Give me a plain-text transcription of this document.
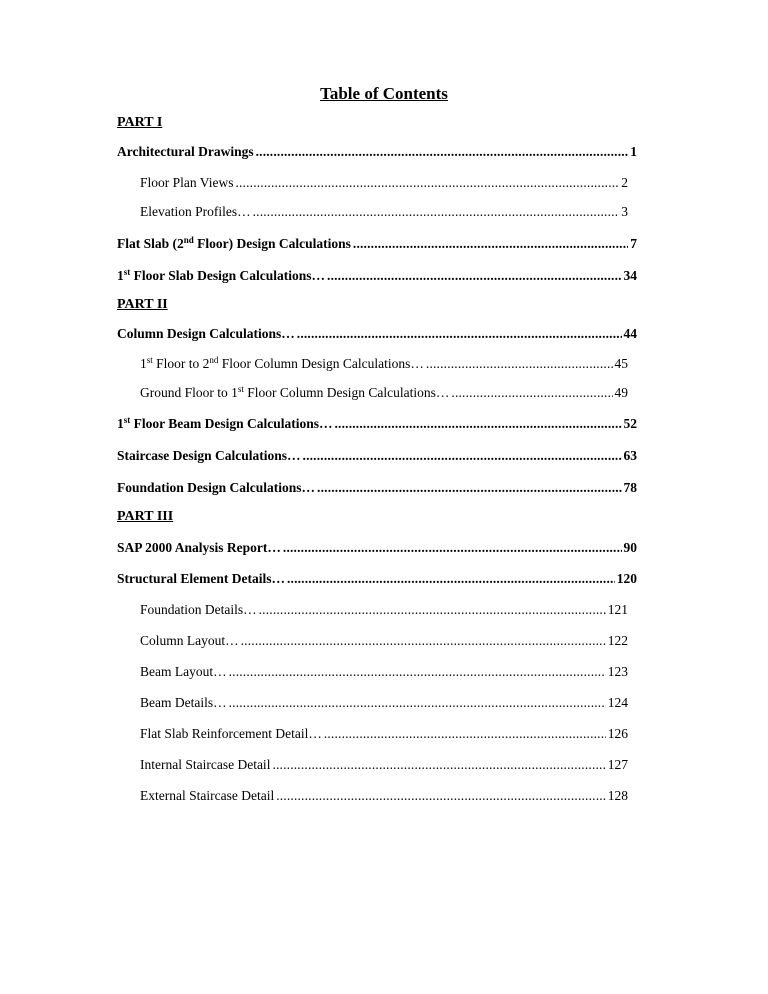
Table of Contents
PART I
Architectural Drawings . . .	1
Floor Plan Views . . .	2
Elevation Profiles… . . .	3
Flat Slab (2nd Floor) Design Calculations . . .	7
1st Floor Slab Design Calculations… . . .	34
PART II
Column Design Calculations… . . .	44
1st Floor to 2nd Floor Column Design Calculations… . . .	45
Ground Floor to 1st Floor Column Design Calculations… . . .	49
1st Floor Beam Design Calculations… . . .	52
Staircase Design Calculations… . . .	63
Foundation Design Calculations… . . .	78
PART III
SAP 2000 Analysis Report… . . .	90
Structural Element Details… . . .	120
Foundation Details… . . .	121
Column Layout… . . .	122
Beam Layout… . . .	123
Beam Details… . . .	124
Flat Slab Reinforcement Detail… . . .	126
Internal Staircase Detail . . .	127
External Staircase Detail . . .	128
